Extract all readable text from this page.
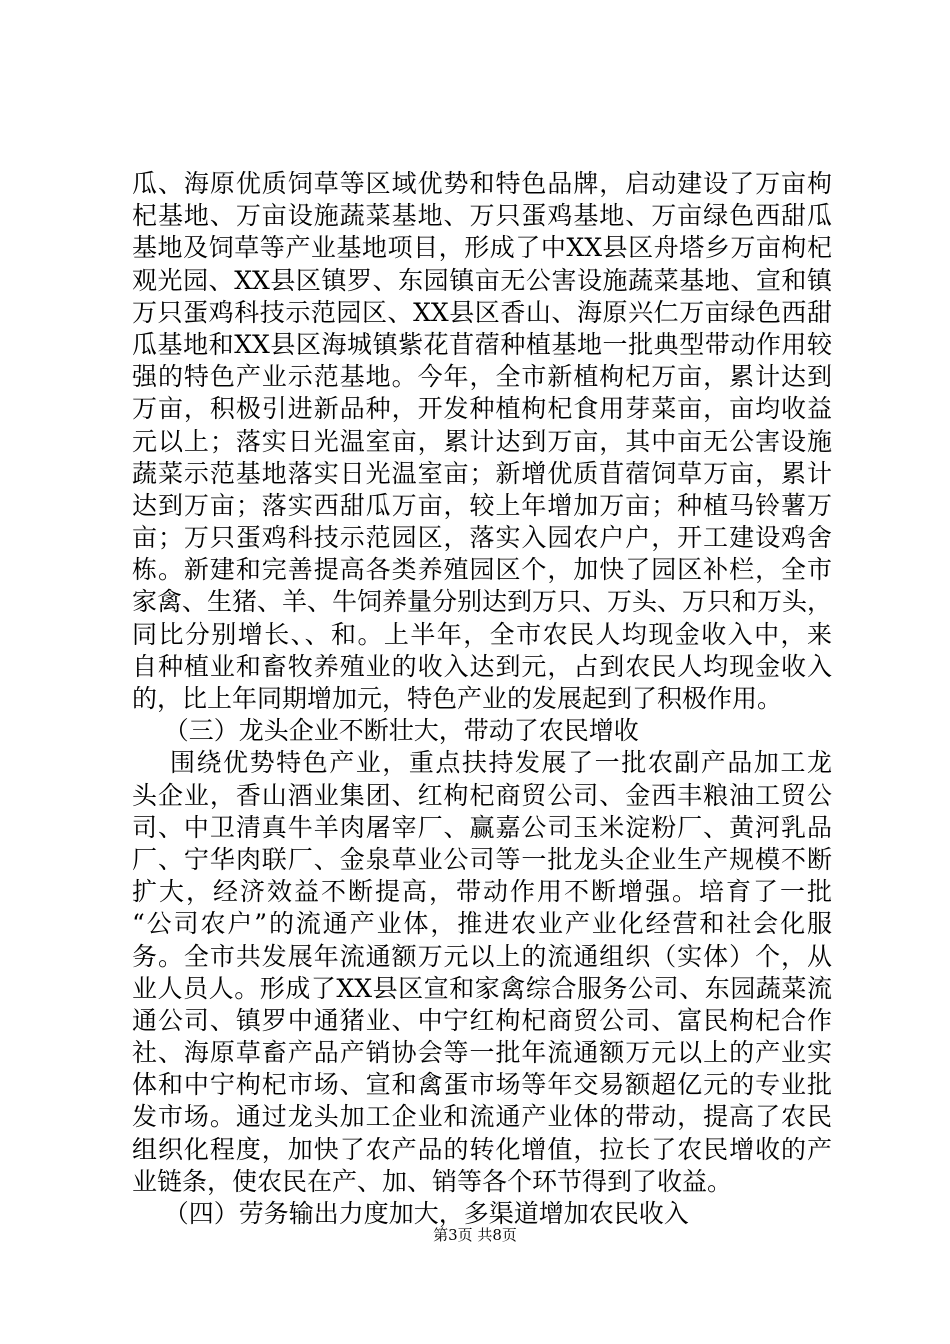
瓜、海原优质饲草等区域优势和特色品牌，启动建设了万亩枸
杞基地、万亩设施蔬菜基地、万只蛋鸡基地、万亩绿色西甜瓜
基地及饲草等产业基地项目，形成了中XX县区舟塔乡万亩枸杞
观光园、XX县区镇罗、东园镇亩无公害设施蔬菜基地、宣和镇
万只蛋鸡科技示范园区、XX县区香山、海原兴仁万亩绿色西甜
瓜基地和XX县区海城镇紫花苜蓿种植基地一批典型带动作用较
强的特色产业示范基地。今年，全市新植枸杞万亩，累计达到
万亩，积极引进新品种，开发种植枸杞食用芽菜亩，亩均收益
元以上；落实日光温室亩，累计达到万亩，其中亩无公害设施
蔬菜示范基地落实日光温室亩；新增优质苜蓿饲草万亩，累计
达到万亩；落实西甜瓜万亩，较上年增加万亩；种植马铃薯万
亩；万只蛋鸡科技示范园区，落实入园农户户，开工建设鸡舍
栋。新建和完善提高各类养殖园区个，加快了园区补栏，全市
家禽、生猪、羊、牛饲养量分别达到万只、万头、万只和万头，
同比分别增长、、和。上半年，全市农民人均现金收入中，来
自种植业和畜牧养殖业的收入达到元，占到农民人均现金收入
的，比上年同期增加元，特色产业的发展起到了积极作用。
（三）龙头企业不断壮大，带动了农民增收
围绕优势特色产业，重点扶持发展了一批农副产品加工龙
头企业，香山酒业集团、红枸杞商贸公司、金西丰粮油工贸公
司、中卫清真牛羊肉屠宰厂、赢嘉公司玉米淀粉厂、黄河乳品
厂、宁华肉联厂、金泉草业公司等一批龙头企业生产规模不断
扩大，经济效益不断提高，带动作用不断增强。培育了一批
“公司农户”的流通产业体，推进农业产业化经营和社会化服
务。全市共发展年流通额万元以上的流通组织（实体）个，从
业人员人。形成了XX县区宣和家禽综合服务公司、东园蔬菜流
通公司、镇罗中通猪业、中宁红枸杞商贸公司、富民枸杞合作
社、海原草畜产品产销协会等一批年流通额万元以上的产业实
体和中宁枸杞市场、宣和禽蛋市场等年交易额超亿元的专业批
发市场。通过龙头加工企业和流通产业体的带动，提高了农民
组织化程度，加快了农产品的转化增值，拉长了农民增收的产
业链条，使农民在产、加、销等各个环节得到了收益。
（四）劳务输出力度加大，多渠道增加农民收入
第3页 共8页
